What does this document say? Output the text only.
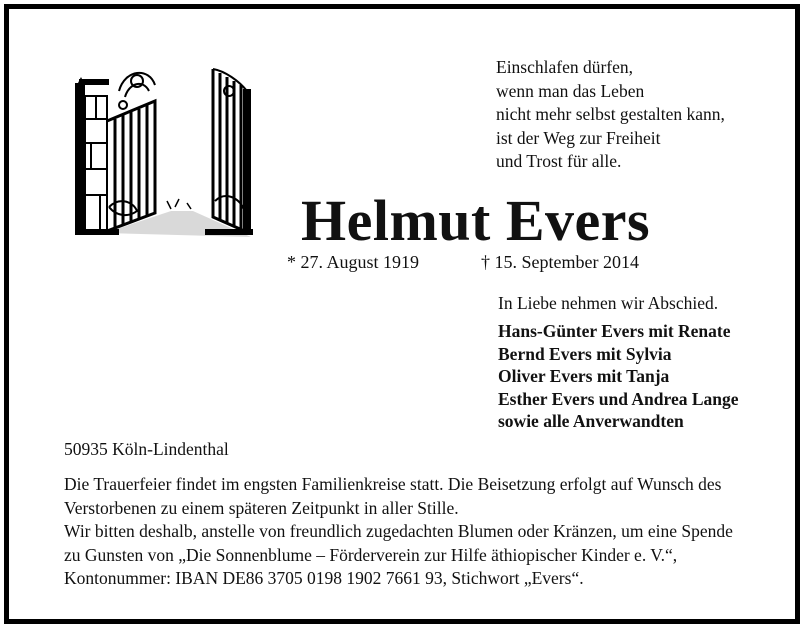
Einschlafen dürfen,
wenn man das Leben
nicht mehr selbst gestalten kann,
ist der Weg zur Freiheit
und Trost für alle.
Helmut Evers
* 27. August 1919	† 15. September 2014
In Liebe nehmen wir Abschied.
Hans-Günter Evers mit Renate
Bernd Evers mit Sylvia
Oliver Evers mit Tanja
Esther Evers und Andrea Lange
sowie alle Anverwandten
50935 Köln-Lindenthal
Die Trauerfeier findet im engsten Familienkreise statt. Die Beisetzung erfolgt auf Wunsch des
Verstorbenen zu einem späteren Zeitpunkt in aller Stille.
Wir bitten deshalb, anstelle von freundlich zugedachten Blumen oder Kränzen, um eine Spende
zu Gunsten von „Die Sonnenblume – Förderverein zur Hilfe äthiopischer Kinder e. V.“,
Kontonummer: IBAN DE86 3705 0198 1902 7661 93, Stichwort „Evers“.
